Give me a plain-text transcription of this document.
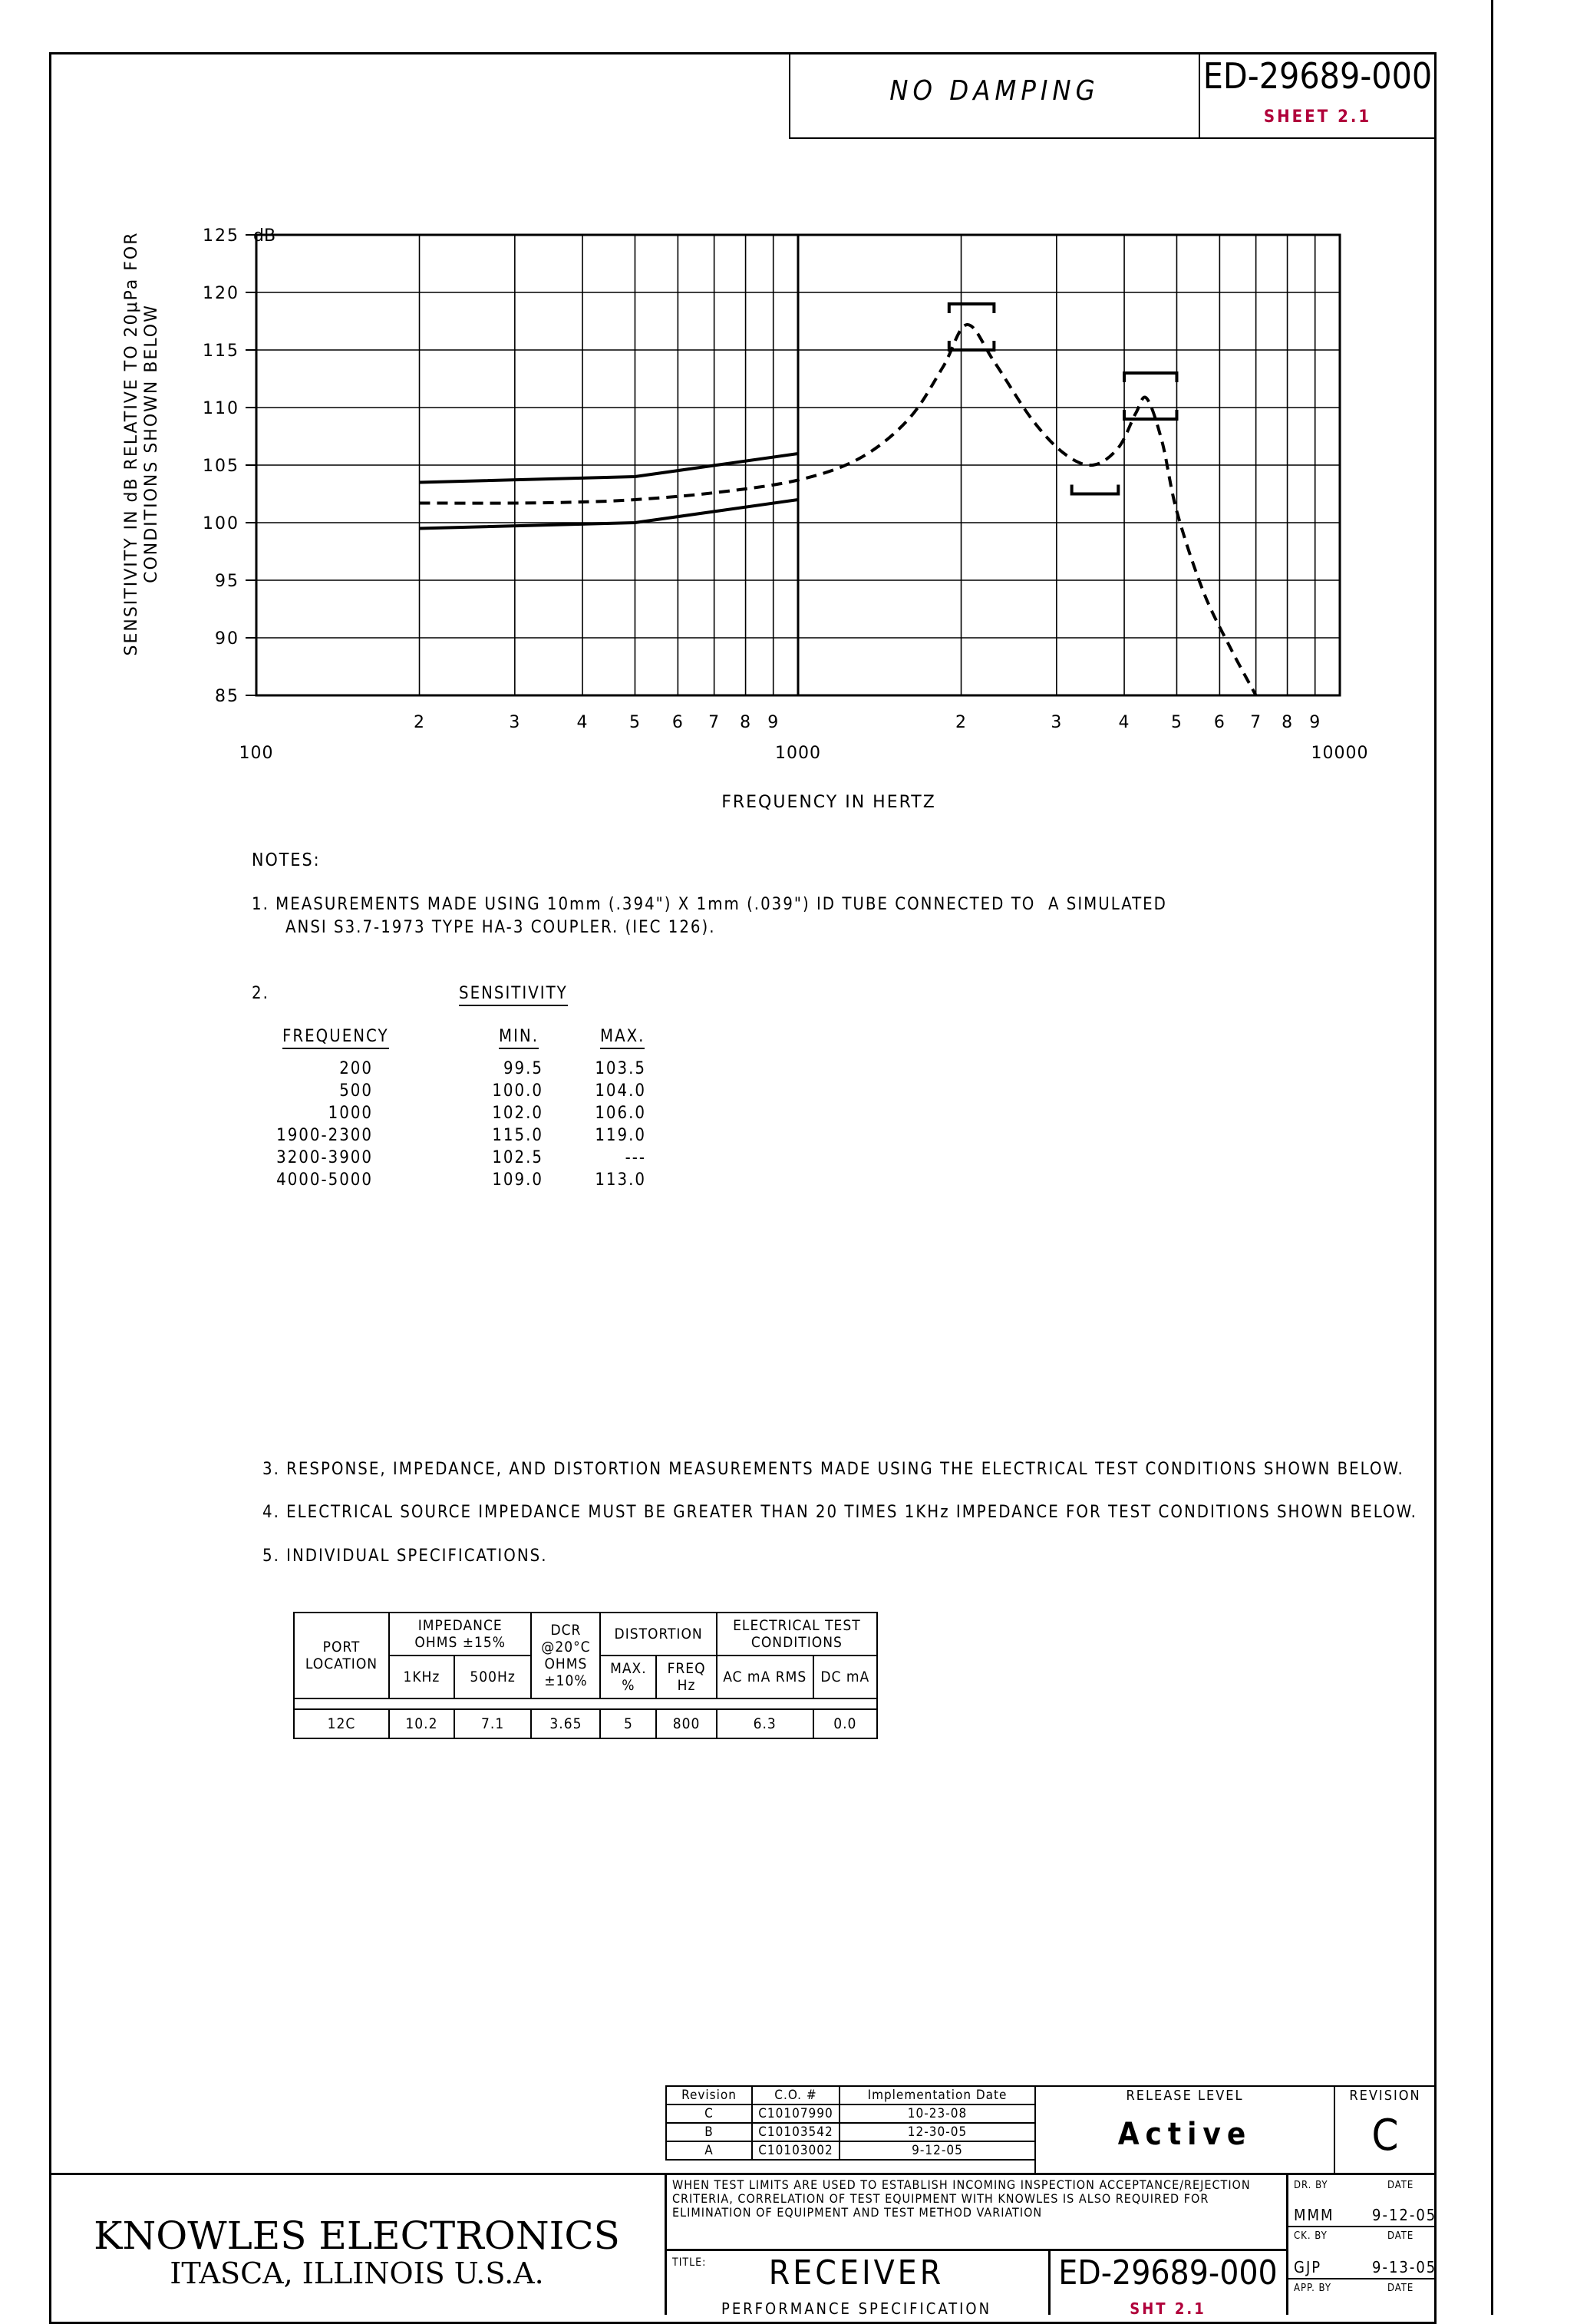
NO DAMPING	ED-29689-000
SHEET 2.1
85
90
95
100
105
110
115
120
125 dB
100
2	3	4 5 6 7 8 9
1000
2	3	4 5 6 7 8 9
10000
FREQUENCY IN HERTZ
SENSITIVITY IN dB RELATIVE TO 20μPa FOR CONDITIONS SHOWN BELOW
NOTES:
1. MEASUREMENTS MADE USING 10mm (.394") X 1mm (.039") ID TUBE CONNECTED TO  A SIMULATED
ANSI S3.7-1973 TYPE HA-3 COUPLER. (IEC 126).
2.	SENSITIVITY
FREQUENCY	MIN.	MAX.
200	99.5	103.5
500	100.0	104.0
1000	102.0	106.0
1900-2300	115.0	119.0
3200-3900	102.5	---
4000-5000	109.0	113.0
3. RESPONSE, IMPEDANCE, AND DISTORTION MEASUREMENTS MADE USING THE ELECTRICAL TEST CONDITIONS SHOWN BELOW.
4. ELECTRICAL SOURCE IMPEDANCE MUST BE GREATER THAN 20 TIMES 1KHz IMPEDANCE FOR TEST CONDITIONS SHOWN BELOW.
5. INDIVIDUAL SPECIFICATIONS.
PORT LOCATION	IMPEDANCE OHMS ±15%		DCR @20°C OHMS ±10%	DISTORTION		ELECTRICAL TEST CONDITIONS	
	1KHz	500Hz		MAX. %	FREQ Hz	AC mA RMS	DC mA

12C	10.2	7.1	3.65	5	800	6.3	0.0
Revision	C.O. #	Implementation Date
C	C10107990	10-23-08
B	C10103542	12-30-05
A	C10103002	9-12-05
RELEASE LEVEL
Active
REVISION
C
KNOWLES ELECTRONICS
ITASCA, ILLINOIS U.S.A.
WHEN TEST LIMITS ARE USED TO ESTABLISH INCOMING INSPECTION ACCEPTANCE/REJECTION CRITERIA, CORRELATION OF TEST EQUIPMENT WITH KNOWLES IS ALSO REQUIRED FOR ELIMINATION OF EQUIPMENT AND TEST METHOD VARIATION
DR. BY	DATE
MMM 9-12-05
CK. BY	DATE
GJP	9-13-05
APP. BY	DATE
TITLE:	RECEIVER
PERFORMANCE SPECIFICATION
ED-29689-000
SHT 2.1
